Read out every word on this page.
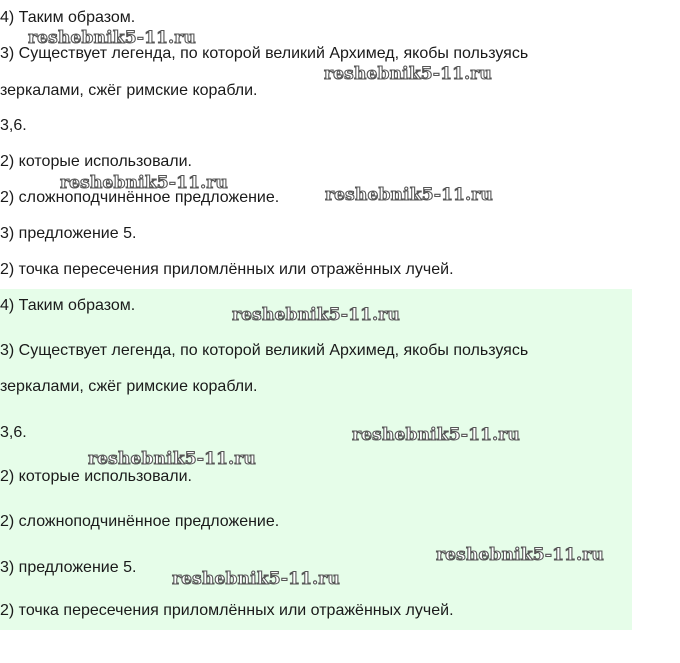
4) Таким образом.
3) Существует легенда, по которой великий Архимед, якобы пользуясь
зеркалами, сжёг римские корабли.
3,6.
2) которые использовали.
2) сложноподчинённое предложение.
3) предложение 5.
2) точка пересечения приломлённых или отражённых лучей.
4) Таким образом.
3) Существует легенда, по которой великий Архимед, якобы пользуясь
зеркалами, сжёг римские корабли.
3,6.
2) которые использовали.
2) сложноподчинённое предложение.
3) предложение 5.
2) точка пересечения приломлённых или отражённых лучей.
reshebnik5-11.ru
reshebnik5-11.ru
reshebnik5-11.ru
reshebnik5-11.ru
reshebnik5-11.ru
reshebnik5-11.ru
reshebnik5-11.ru
reshebnik5-11.ru
reshebnik5-11.ru
